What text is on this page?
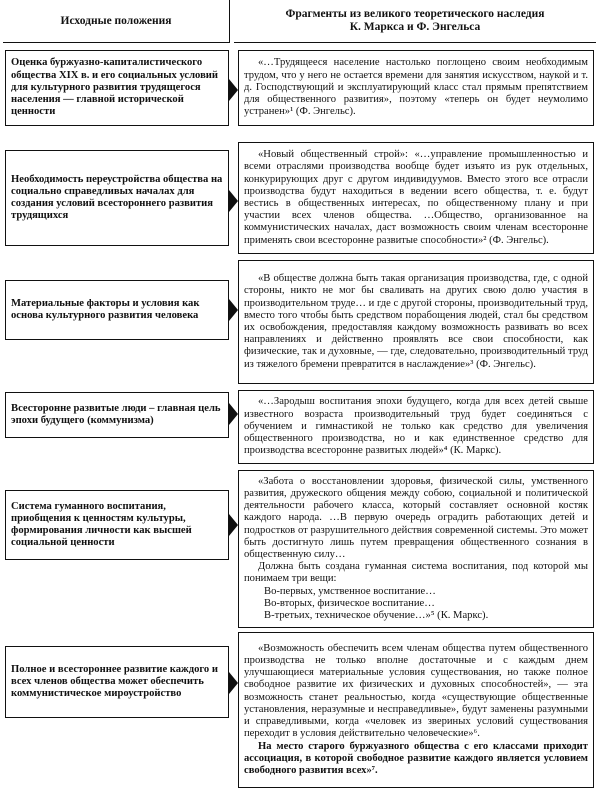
Исходные положения
Фрагменты из великого теоретического наследия
К. Маркса и Ф. Энгельса
Оценка буржуазно-капиталистического общества XIX в. и его социальных условий для культурного развития трудящегося населения — главной исторической ценности

«…Трудящееся население настолько поглощено своим необходимым трудом, что у него не остается времени для занятия искусством, наукой и т. д. Господствующий и эксплуатирующий класс стал прямым препятствием для общественного развития», поэтому «теперь он будет неумолимо устранен»¹ (Ф. Энгельс).

Необходимость переустройства общества на социально справедливых началах для создания условий всестороннего развития трудящихся

«Новый общественный строй»: «…управление промышленностью и всеми отраслями производства вообще будет изъято из рук отдельных, конкурирующих друг с другом индивидуумов. Вместо этого все отрасли производства будут находиться в ведении всего общества, т. е. будут вестись в общественных интересах, по общественному плану и при участии всех членов общества. …Общество, организованное на коммунистических началах, даст возможность своим членам всесторонне применять свои всесторонне развитые способности»² (Ф. Энгельс).

Материальные факторы и условия как основа культурного развития человека

«В обществе должна быть такая организация производства, где, с одной стороны, никто не мог бы сваливать на других свою долю участия в производительном труде… и где с другой стороны, производительный труд, вместо того чтобы быть средством порабощения людей, стал бы средством их освобождения, предоставляя каждому возможность развивать во всех направлениях и действенно проявлять все свои способности, как физические, так и духовные, — где, следовательно, производительный труд из тяжелого бремени превратится в наслаждение»³ (Ф. Энгельс).

Всесторонне развитые люди – главная цель эпохи будущего (коммунизма)

«…Зародыш воспитания эпохи будущего, когда для всех детей свыше известного возраста производительный труд будет соединяться с обучением и гимнастикой не только как средство для увеличения общественного производства, но и как единственное средство для производства всесторонне развитых людей»⁴ (К. Маркс).

Система гуманного воспитания, приобщения к ценностям культуры, формирования личности как высшей социальной ценности

«Забота о восстановлении здоровья, физической силы, умственного развития, дружеского общения между собою, социальной и политической деятельности рабочего класса, который составляет основной костяк каждого народа. …В первую очередь оградить работающих детей и подростков от разрушительного действия современной системы. Это может быть достигнуто лишь путем превращения общественного сознания в общественную силу…

Должна быть создана гуманная система воспитания, под которой мы понимаем три вещи:

Во-первых, умственное воспитание…

Во-вторых, физическое воспитание…

В-третьих, техническое обучение…»⁵ (К. Маркс).

Полное и всестороннее развитие каждого и всех членов общества может обеспечить коммунистическое мироустройство

«Возможность обеспечить всем членам общества путем общественного производства не только вполне достаточные и с каждым днем улучшающиеся материальные условия существования, но также полное свободное развитие их физических и духовных способностей», — эта возможность станет реальностью, когда «существующие общественные установления, неразумные и несправедливые», будут заменены разумными и справедливыми, когда «человек из звериных условий существования переходит в условия действительно человеческие»⁶.

На место старого буржуазного общества с его классами приходит ассоциация, в которой свободное развитие каждого является условием свободного развития всех»⁷.
